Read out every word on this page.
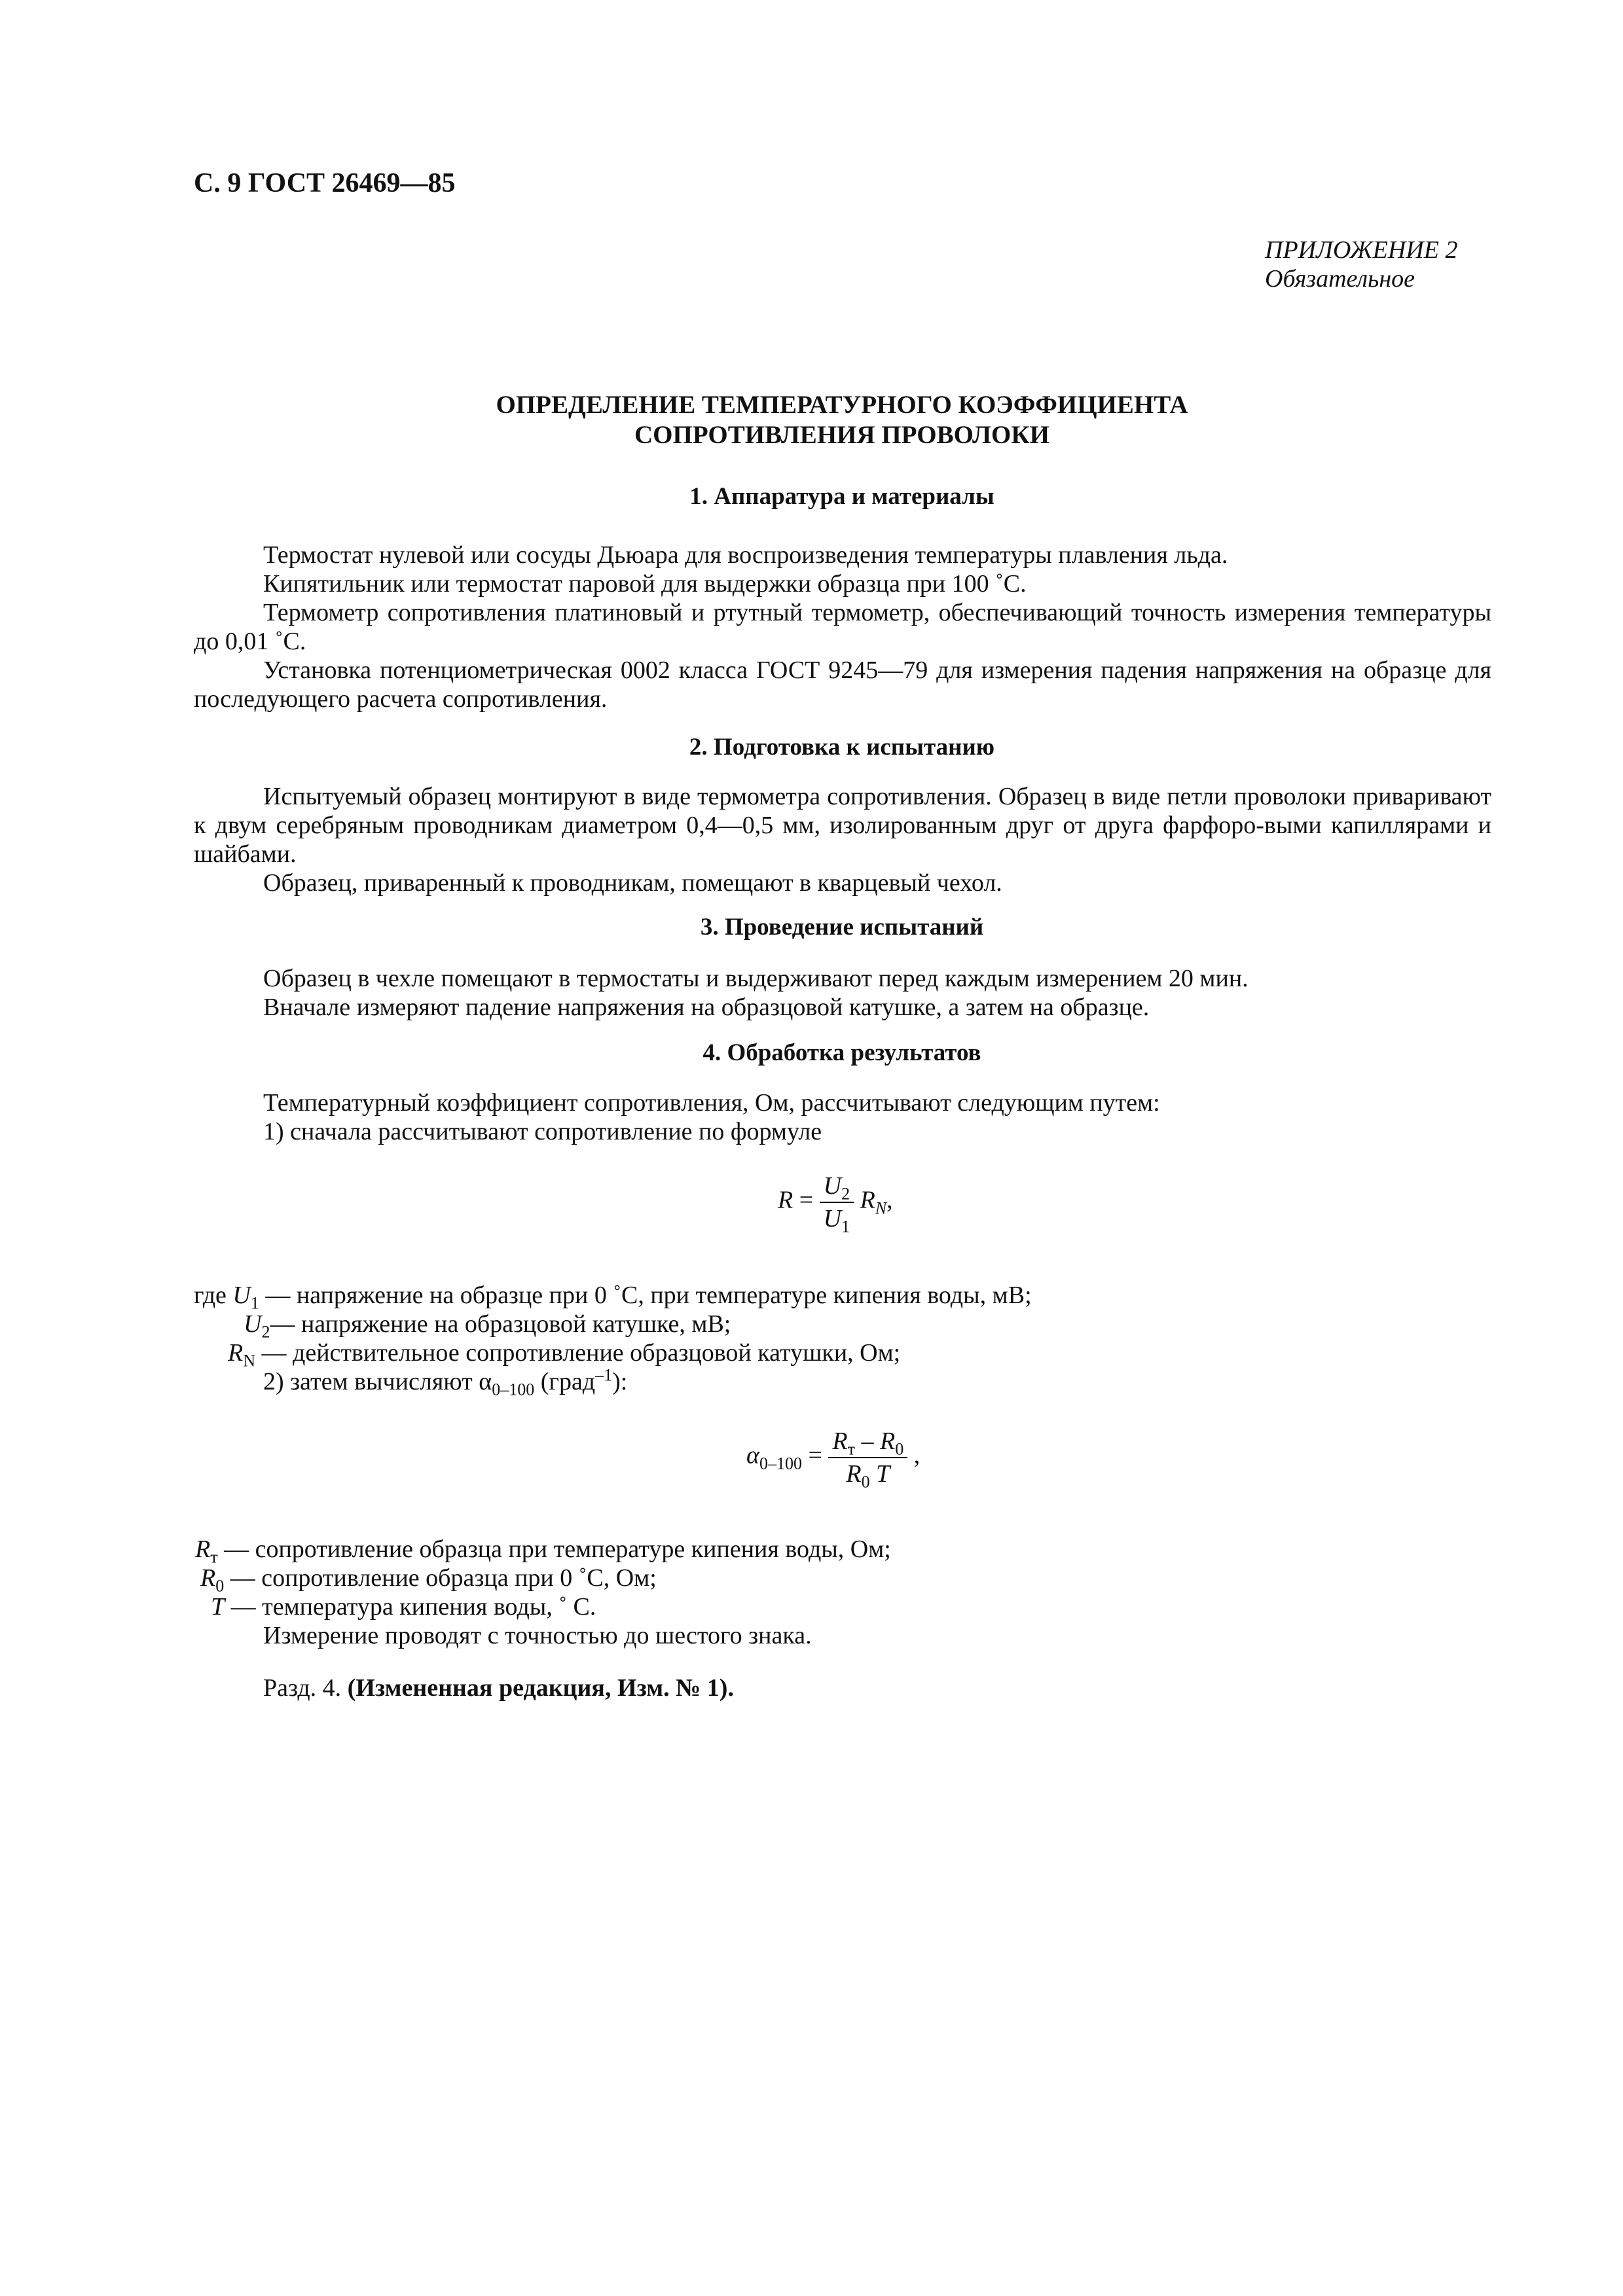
С. 9 ГОСТ 26469—85
ПРИЛОЖЕНИЕ 2
Обязательное
ОПРЕДЕЛЕНИЕ ТЕМПЕРАТУРНОГО КОЭФФИЦИЕНТА
СОПРОТИВЛЕНИЯ ПРОВОЛОКИ
1. Аппаратура и материалы

Термостат нулевой или сосуды Дьюара для воспроизведения температуры плавления льда.

Кипятильник или термостат паровой для выдержки образца при 100 ˚С.

Термометр сопротивления платиновый и ртутный термометр, обеспечивающий точность измерения температуры до 0,01 ˚С.

Установка потенциометрическая 0002 класса ГОСТ 9245—79 для измерения падения напряжения на образце для последующего расчета сопротивления.

2. Подготовка к испытанию

Испытуемый образец монтируют в виде термометра сопротивления. Образец в виде петли проволоки приваривают к двум серебряным проводникам диаметром 0,4—0,5 мм, изолированным друг от друга фарфоро-выми капиллярами и шайбами.

Образец, приваренный к проводникам, помещают в кварцевый чехол.

3. Проведение испытаний

Образец в чехле помещают в термостаты и выдерживают перед каждым измерением 20 мин.

Вначале измеряют падение напряжения на образцовой катушке, а затем на образце.

4. Обработка результатов

Температурный коэффициент сопротивления, Ом, рассчитывают следующим путем:

1) сначала рассчитывают сопротивление по формуле

$R = \frac{U_2}{U_1} R_N$,
где $U_1$ — напряжение на образце при 0 ˚С, при температуре кипения воды, мВ;
$U_2—$ напряжение на образцовой катушке, мВ;
$R_N$ — действительное сопротивление образцовой катушки, Ом;
2) затем вычисляют $\alpha_{0-100}$ (град$^{-1}$):
$\alpha_{0-100} = \frac{R_т - R_0}{R_0 T}$ ,
$R_т$ — сопротивление образца при температуре кипения воды, Ом;
$R_0$ — сопротивление образца при 0 ˚С, Ом;
T — температура кипения воды, ˚ С.
Измерение проводят с точностью до шестого знака.
Разд. 4. (Измененная редакция, Изм. № 1).
